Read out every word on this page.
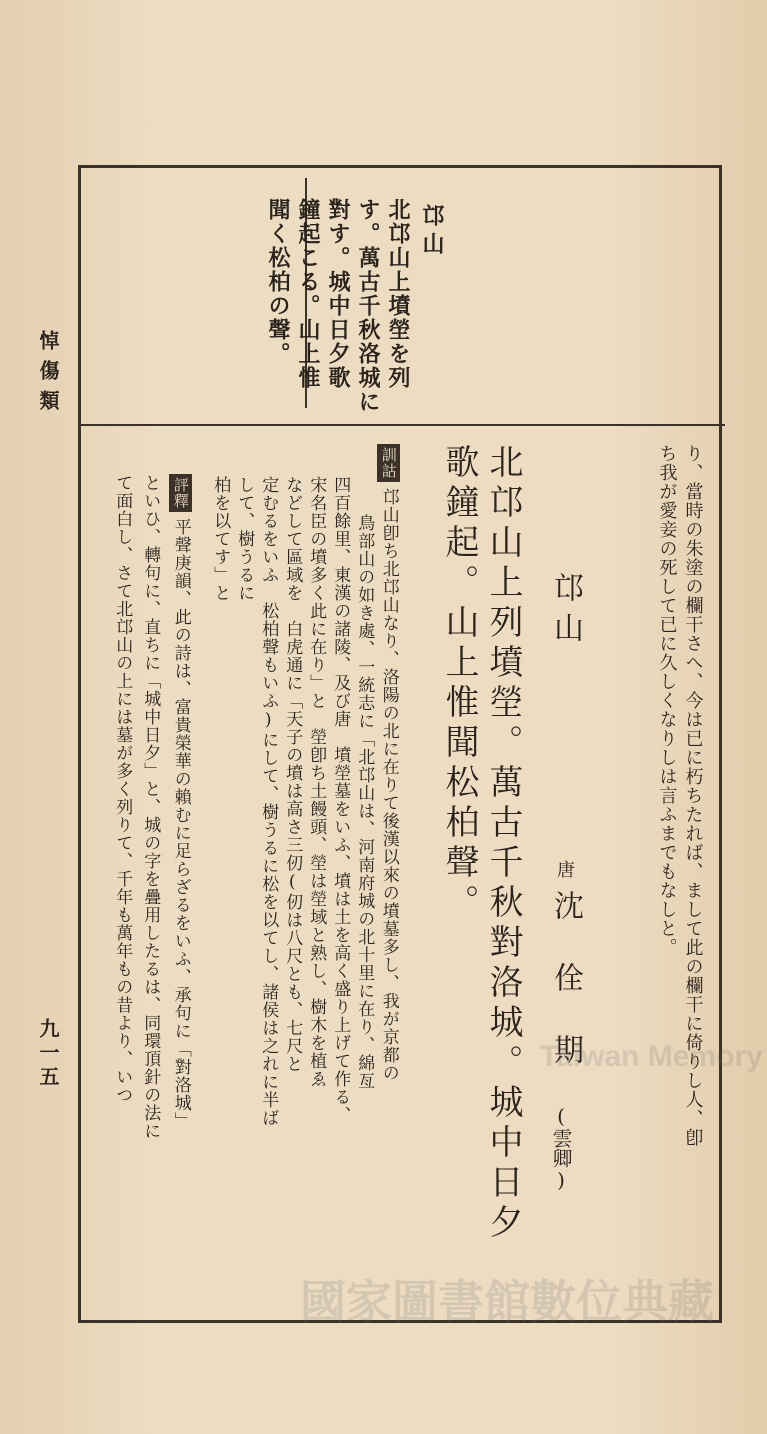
悼傷類
九一五
邙山
北邙山上墳塋を列
す。萬古千秋洛城に
對す。城中日夕歌
鐘起こる。山上惟
聞く松柏の聲。
り、當時の朱塗の欄干さへ、今は已に朽ちたれば、まして此の欄干に倚りし人、卽
ち我が愛妾の死して已に久しくなりしは言ふまでもなしと。
邙山
唐
沈佺期
(雲卿)
北邙山上列墳塋。萬古千秋對洛城。城中日夕
歌鐘起。山上惟聞松柏聲。
訓詁邙山卽ち北邙山なり、洛陽の北に在りて後漢以來の墳墓多し、我が京都の
鳥部山の如き處、一統志に「北邙山は、河南府城の北十里に在り、綿亙
四百餘里、東漢の諸陵、及び唐　墳塋墓をいふ、墳は土を高く盛り上げて作る、
宋名臣の墳多く此に在り」と　塋卽ち土饅頭、塋は塋域と熟し、樹木を植ゑ
などして區域を　白虎通に「天子の墳は高さ三仞(仞は八尺とも、七尺と
定むるをいふ　松柏聲もいふ)にして、樹うるに松を以てし、諸侯は之れに半ば
して、樹うるに
柏を以てす」と
評釋平聲庚韻、此の詩は、富貴榮華の賴むに足らざるをいふ、承句に「對洛城」
といひ、轉句に、直ちに「城中日夕」と、城の字を疊用したるは、同環頂針の法に
て面白し、さて北邙山の上には墓が多く列りて、千年も萬年もの昔より、いつ	Taiwan Memory
國家圖書館數位典藏
